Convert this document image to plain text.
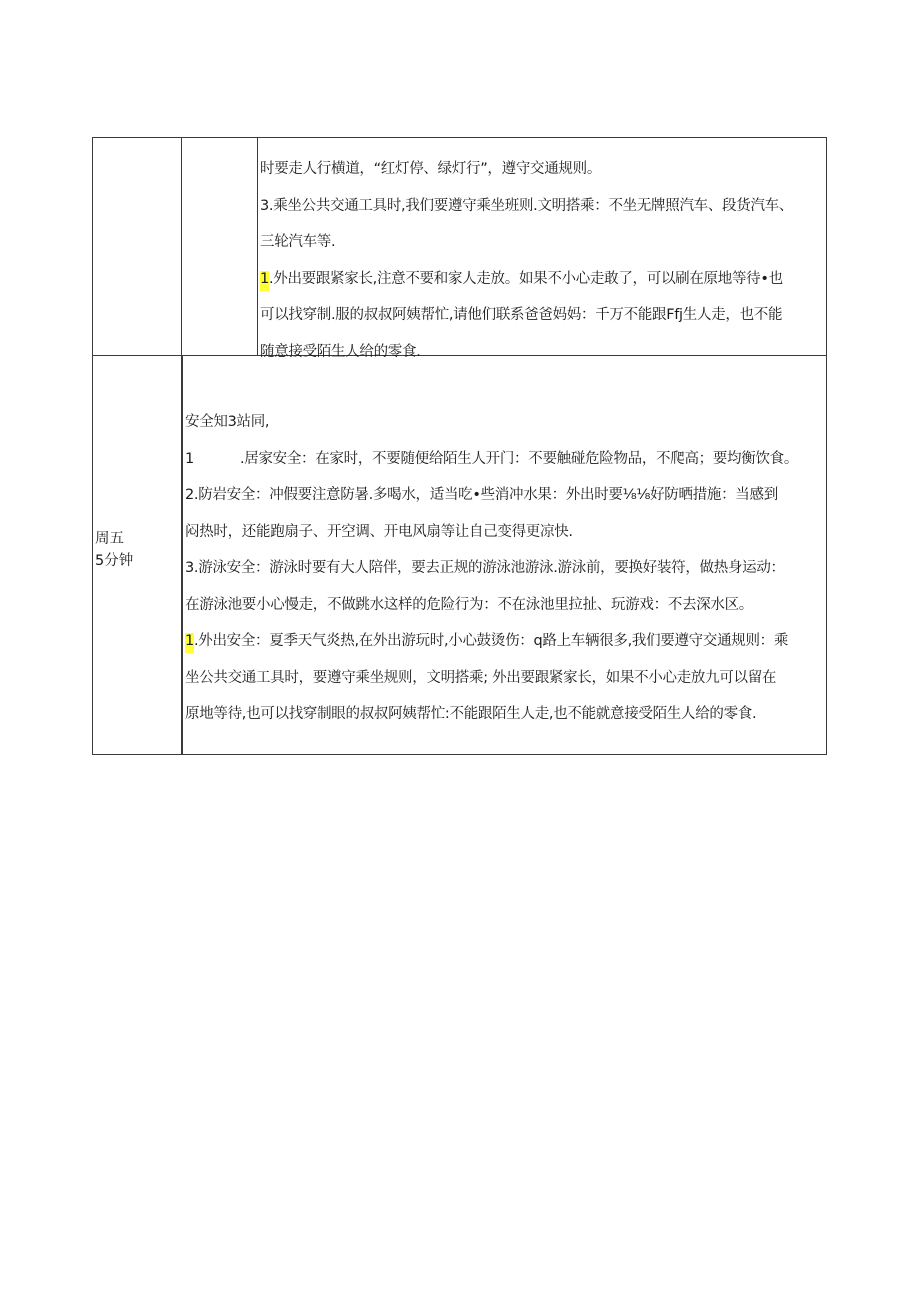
时要走人行横道，“红灯停、绿灯行”，遵守交通规则。
3.乘坐公共交通工具时,我们要遵守乘坐班则.文明搭乘：不坐无牌照汽车、段货汽车、
三轮汽车等.
1.外出要跟紧家长,注意不要和家人走放。如果不小心走敢了，可以刷在原地等待•也
可以找穿制.服的叔叔阿姨帮忙,请他们联系爸爸妈妈：千万不能跟Ffj生人走，也不能
随意接受陌生人给的零食.
周五
5分钟
安全知3站同,
1	.居家安全：在家时，不要随便给陌生人开门：不要触碰危险物品，不爬高；要均衡饮食。
2.防岩安全：冲假要注意防暑.多喝水，适当吃•些消冲水果：外出时要⅛⅛好防晒措施：当感到
闷热时，还能跑扇子、开空调、开电风扇等让自己变得更凉快.
3.游泳安全：游泳时要有大人陪伴，要去正规的游泳池游泳.游泳前，要换好装符，做热身运动：
在游泳池要小心慢走，不做跳水这样的危险行为：不在泳池里拉扯、玩游戏：不去深水区。
1.外出安全：夏季天气炎热,在外出游玩时,小心鼓烫伤：q路上车辆很多,我们要遵守交通规则：乘
坐公共交通工具时，要遵守乘坐规则，文明搭乘; 外出要跟紧家长，如果不小心走放九可以留在
原地等待,也可以找穿制眼的叔叔阿姨帮忙:不能跟陌生人走,也不能就意接受陌生人给的零食.
